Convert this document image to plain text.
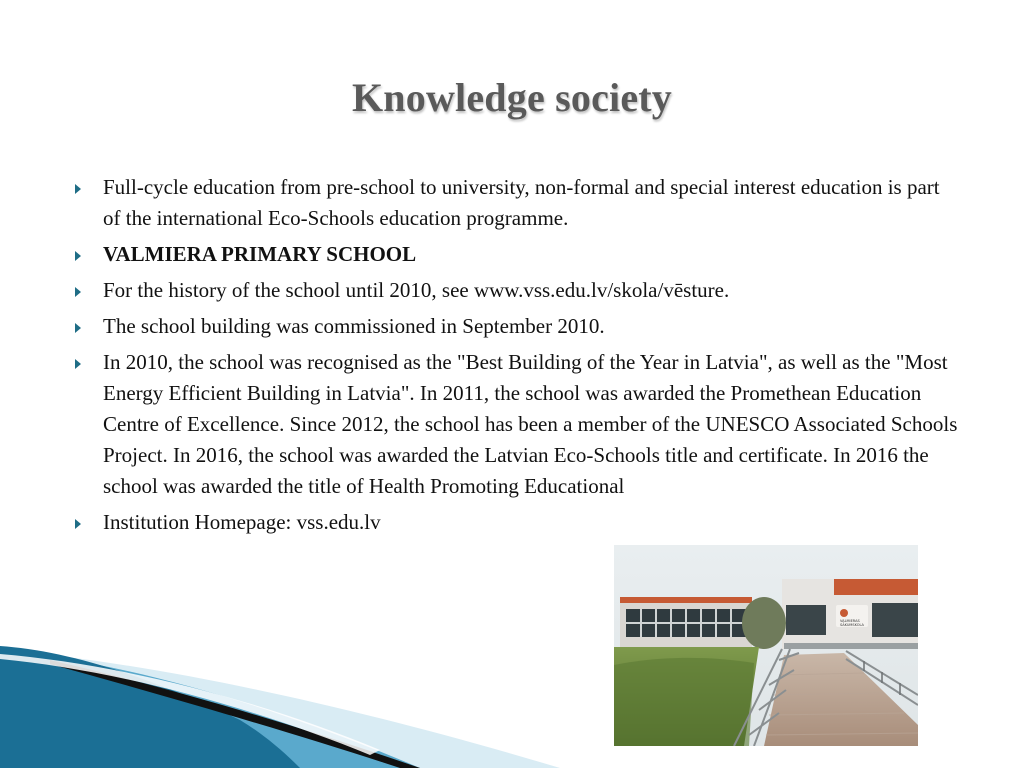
Knowledge society
Full-cycle education from pre-school to university, non-formal and special interest education is part of the international Eco-Schools education programme.
VALMIERA PRIMARY SCHOOL
For the history of the school until 2010, see www.vss.edu.lv/skola/vēsture.
The school building was commissioned in September 2010.
In 2010, the school was recognised as the "Best Building of the Year in Latvia", as well as the "Most Energy Efficient Building in Latvia". In 2011, the school was awarded the Promethean Education Centre of Excellence. Since 2012, the school has been a member of the UNESCO Associated Schools Project. In 2016, the school was awarded the Latvian Eco-Schools title and certificate. In 2016 the school was awarded the title of Health Promoting Educational
Institution Homepage: vss.edu.lv
VALMIERAS
SĀKUMSKOLA
